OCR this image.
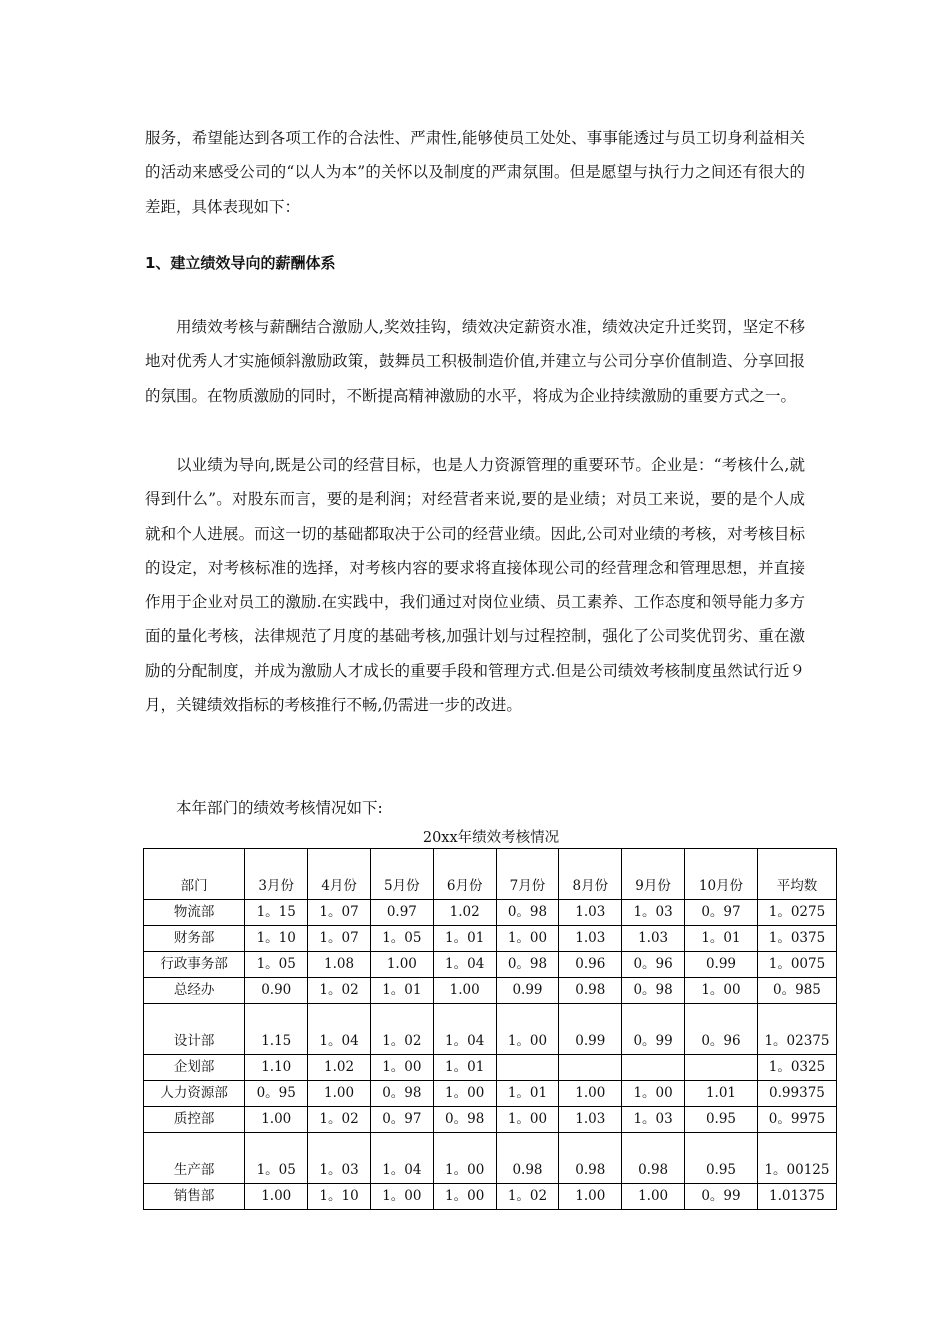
服务，希望能达到各项工作的合法性、严肃性,能够使员工处处、事事能透过与员工切身利益相关的活动来感受公司的“以人为本”的关怀以及制度的严肃氛围。但是愿望与执行力之间还有很大的差距，具体表现如下：

1、建立绩效导向的薪酬体系

用绩效考核与薪酬结合激励人,奖效挂钩，绩效决定薪资水准，绩效决定升迁奖罚，坚定不移地对优秀人才实施倾斜激励政策，鼓舞员工积极制造价值,并建立与公司分享价值制造、分享回报的氛围。在物质激励的同时，不断提高精神激励的水平，将成为企业持续激励的重要方式之一。

以业绩为导向,既是公司的经营目标，也是人力资源管理的重要环节。企业是：“考核什么,就得到什么”。对股东而言，要的是利润；对经营者来说,要的是业绩；对员工来说，要的是个人成就和个人进展。而这一切的基础都取决于公司的经营业绩。因此,公司对业绩的考核，对考核目标的设定，对考核标准的选择，对考核内容的要求将直接体现公司的经营理念和管理思想，并直接作用于企业对员工的激励.在实践中，我们通过对岗位业绩、员工素养、工作态度和领导能力多方面的量化考核，法律规范了月度的基础考核,加强计划与过程控制，强化了公司奖优罚劣、重在激励的分配制度，并成为激励人才成长的重要手段和管理方式.但是公司绩效考核制度虽然试行近９月，关键绩效指标的考核推行不畅,仍需进一步的改进。

本年部门的绩效考核情况如下:

20xx年绩效考核情况
部门	3月份	4月份	5月份	6月份	7月份	8月份	9月份	10月份	平均数
物流部	1。15	1。07	0.97	1.02	0。98	1.03	1。03	0。97	1。0275
财务部	1。10	1。07	1。05	1。01	1。00	1.03	1.03	1。01	1。0375
行政事务部	1。05	1.08	1.00	1。04	0。98	0.96	0。96	0.99	1。0075
总经办	0.90	1。02	1。01	1.00	0.99	0.98	0。98	1。00	0。985
设计部	1.15	1。04	1。02	1。04	1。00	0.99	0。99	0。96	1。02375
企划部	1.10	1.02	1。00	1。01					1。0325
人力资源部	0。95	1.00	0。98	1。00	1。01	1.00	1。00	1.01	0.99375
质控部	1.00	1。02	0。97	0。98	1。00	1.03	1。03	0.95	0。9975
生产部	1。05	1。03	1。04	1。00	0.98	0.98	0.98	0.95	1。00125
销售部	1.00	1。10	1。00	1。00	1。02	1.00	1.00	0。99	1.01375
